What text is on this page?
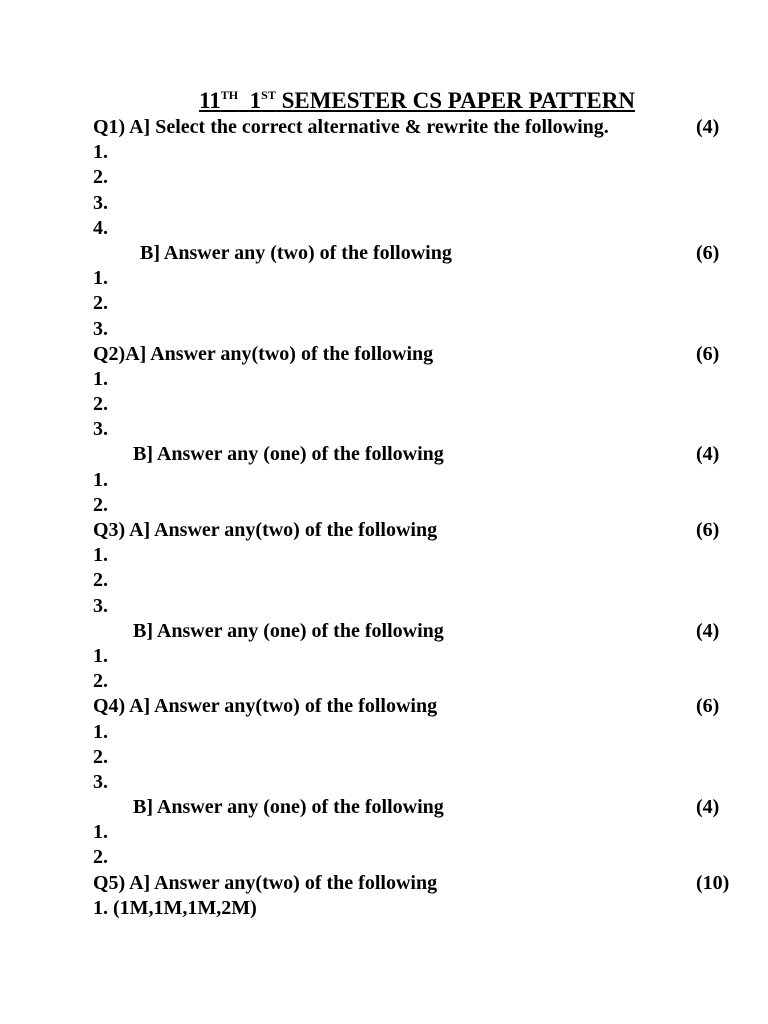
11TH 1ST SEMESTER CS PAPER PATTERN
Q1) A] Select the correct alternative & rewrite the following.	(4)
1.
2.
3.
4.
B] Answer any (two) of the following	(6)
1.
2.
3.
Q2)A] Answer any(two) of the following	(6)
1.
2.
3.
B] Answer any (one) of the following	(4)
1.
2.
Q3) A] Answer any(two) of the following	(6)
1.
2.
3.
B] Answer any (one) of the following	(4)
1.
2.
Q4) A] Answer any(two) of the following	(6)
1.
2.
3.
B] Answer any (one) of the following	(4)
1.
2.
Q5) A] Answer any(two) of the following	(10)
1. (1M,1M,1M,2M)
